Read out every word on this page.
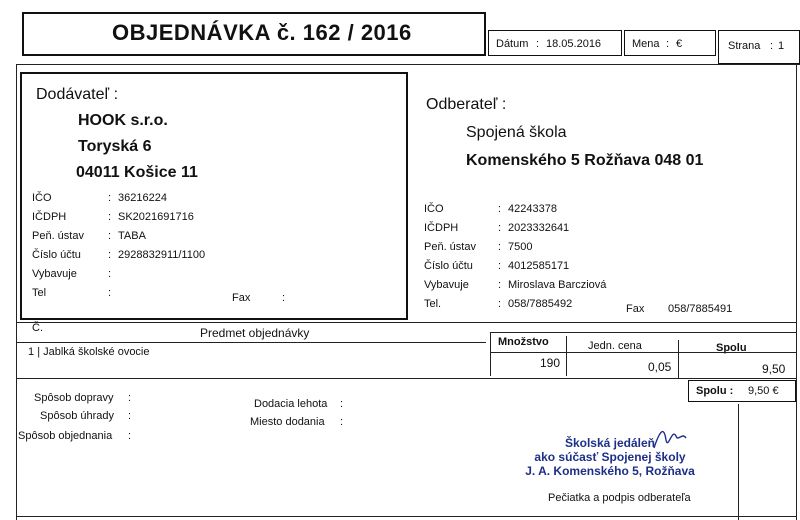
OBJEDNÁVKA č. 162 / 2016	Dátum : 18.05.2016	Mena : €	Strana : 1
Dodávateľ :
HOOK s.r.o.
Toryská 6
04011 Košice 11
IČO	: 36216224
IČDPH	: SK2021691716
Peň. ústav : TABA
Číslo účtu : 2928832911/1100
Vybavuje	:
Tel	:	Fax	:
Odberateľ :
Spojená škola
Komenského 5 Rožňava 048 01
IČO	: 42243378
IČDPH	: 2023332641
Peň. ústav : 7500
Číslo účtu : 4012585171
Vybavuje	: Miroslava Barcziová
Tel.	: 058/7885492	Fax 058/7885491
Č.	Predmet objednávky
Množstvo	Jedn. cena	Spolu
1 | Jablká školské ovocie
190	0,05	9,50
Spolu : 9,50 €
Spôsob dopravy :
Spôsob úhrady :
Spôsob objednania :
Dodacia lehota :
Miesto dodania :
Školská jedáleň
ako súčasť Spojenej školy
J. A. Komenského 5, Rožňava
Pečiatka a podpis odberateľa
